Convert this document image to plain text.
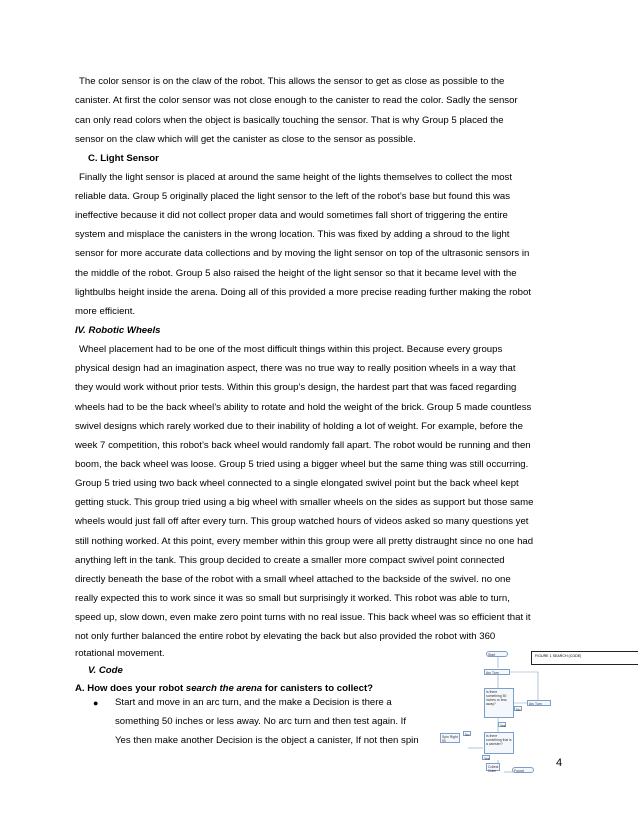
The color sensor is on the claw of the robot. This allows the sensor to get as close as possible to the
canister. At first the color sensor was not close enough to the canister to read the color. Sadly the sensor
can only read colors when the object is basically touching the sensor. That is why Group 5 placed the
sensor on the claw which will get the canister as close to the sensor as possible.
C. Light Sensor
Finally the light sensor is placed at around the same height of the lights themselves to collect the most
reliable data. Group 5 originally placed the light sensor to the left of the robot’s base but found this was
ineffective because it did not collect proper data and would sometimes fall short of triggering the entire
system and misplace the canisters in the wrong location. This was fixed by adding a shroud to the light
sensor for more accurate data collections and by moving the light sensor on top of the ultrasonic sensors in
the middle of the robot. Group 5 also raised the height of the light sensor so that it became level with the
lightbulbs height inside the arena. Doing all of this provided a more precise reading further making the robot
more efficient.
IV. Robotic Wheels
Wheel placement had to be one of the most difficult things within this project. Because every groups
physical design had an imagination aspect, there was no true way to really position wheels in a way that
they would work without prior tests. Within this group’s design, the hardest part that was faced regarding
wheels had to be the back wheel’s ability to rotate and hold the weight of the brick. Group 5 made countless
swivel designs which rarely worked due to their inability of holding a lot of weight. For example, before the
week 7 competition, this robot’s back wheel would randomly fall apart. The robot would be running and then
boom, the back wheel was loose. Group 5 tried using a bigger wheel but the same thing was still occurring.
Group 5 tried using two back wheel connected to a single elongated swivel point but the back wheel kept
getting stuck. This group tried using a big wheel with smaller wheels on the sides as support but those same
wheels would just fall off after every turn. This group watched hours of videos asked so many questions yet
still nothing worked. At this point, every member within this group were all pretty distraught since no one had
anything left in the tank. This group decided to create a smaller more compact swivel point connected
directly beneath the base of the robot with a small wheel attached to the backside of the swivel. no one
really expected this to work since it was so small but surprisingly it worked. This robot was able to turn,
speed up, slow down, even make zero point turns with no real issue. This back wheel was so efficient that it
not only further balanced the entire robot by elevating the back but also provided the robot with 360
rotational movement.
V. Code
A. How does your robot search the arena for canisters to collect?
● Start and move in an arc turn, and the make a Decision is there a
something 50 inches or less away. No arc turn and then test again. If
Yes then make another Decision is the object a canister, If not then spin
FIGURE 1 SEARCH (CODE)
Start
Arc Turn
Is there something 50 inches or less away?
No
Arc Turn
Yes
Is there something that is a canister?
Spin Right 90
No
Yes
Collect Cube	Found
4
